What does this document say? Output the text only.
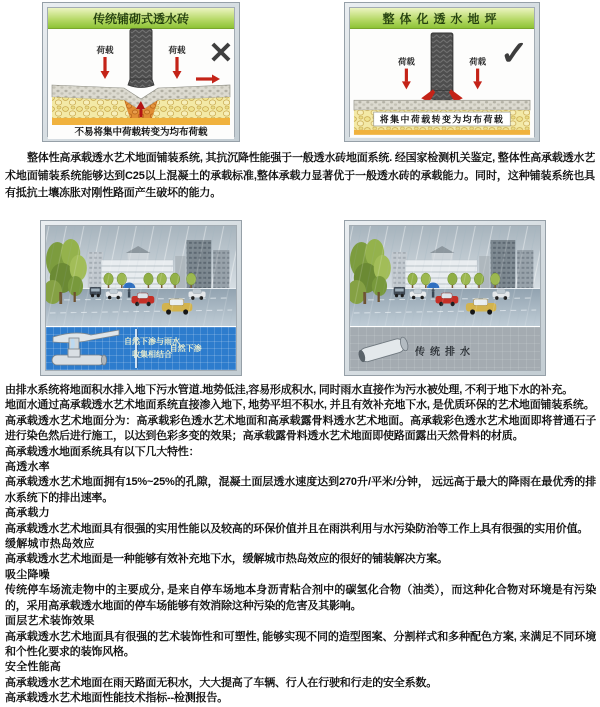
传统铺砌式透水砖
✕
荷载	荷载
不易将集中荷载转变为均布荷载
整体化透水地坪
✓
荷载	荷载
将集中荷载转变为均布荷载

整体性高承载透水艺术地面铺装系统, 其抗沉降性能强于一般透水砖地面系统. 经国家检测机关鉴定, 整体性高承载透水艺术地面铺装系统能够达到C25以上混凝土的承载标准,整体承载力显著优于一般透水砖的承载能力。同时，这种铺装系统也具有抵抗土壤冻胀对刚性路面产生破坏的能力。

自然下渗与雨水
收集相结合
自然下渗	传统排水

由排水系统将地面积水排入地下污水管道.地势低洼,容易形成积水, 同时雨水直接作为污水被处理, 不利于地下水的补充。

地面水通过高承载透水艺术地面系统直接渗入地下, 地势平坦不积水, 并且有效补充地下水, 是优质环保的艺术地面铺装系统。

高承载透水艺术地面分为：高承载彩色透水艺术地面和高承载露骨料透水艺术地面。高承载彩色透水艺术地面即将普通石子进行染色然后进行施工，以达到色彩多变的效果；高承载露骨料透水艺术地面即使路面露出天然骨料的材质。

高承载透水地面系统具有以下几大特性：

高透水率

高承载透水艺术地面拥有15%~25%的孔隙，混凝土面层透水速度达到270升/平米/分钟， 远远高于最大的降雨在最优秀的排水系统下的排出速率。

高承载力

高承载透水艺术地面具有很强的实用性能以及较高的环保价值并且在雨洪利用与水污染防治等工作上具有很强的实用价值。

缓解城市热岛效应

高承载透水艺术地面是一种能够有效补充地下水，缓解城市热岛效应的很好的铺装解决方案。

吸尘降噪

传统停车场流走物中的主要成分, 是来自停车场地本身沥青粘合剂中的碳氢化合物（油类），而这种化合物对环境是有污染的，采用高承载透水地面的停车场能够有效消除这种污染的危害及其影响。

面层艺术装饰效果

高承载透水艺术地面具有很强的艺术装饰性和可塑性, 能够实现不同的造型图案、分割样式和多种配色方案, 来满足不同环境和个性化要求的装饰风格。

安全性能高

高承载透水艺术地面在雨天路面无积水，大大提高了车辆、行人在行驶和行走的安全系数。

高承载透水艺术地面性能技术指标--检测报告。
